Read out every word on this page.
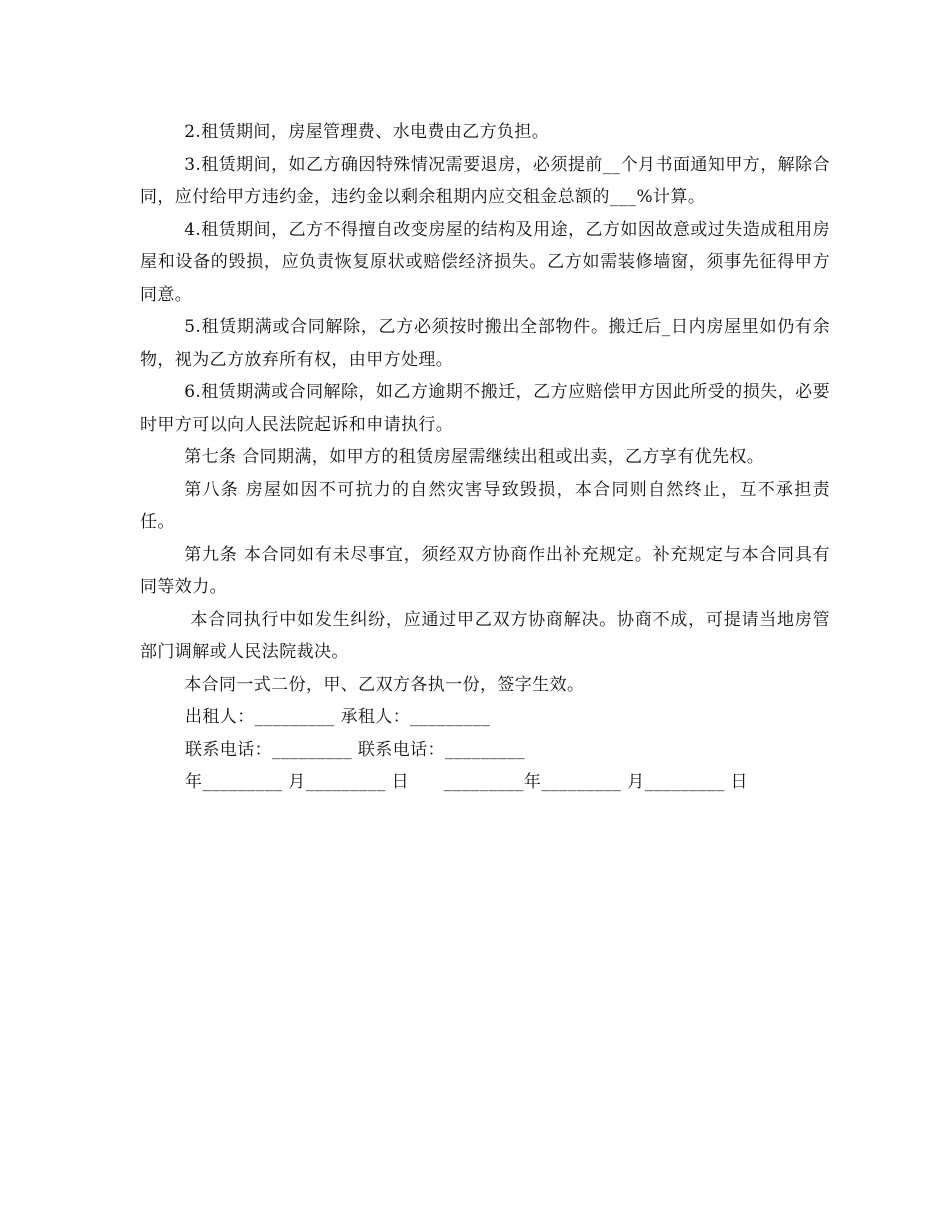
2.租赁期间，房屋管理费、水电费由乙方负担。

3.租赁期间，如乙方确因特殊情况需要退房，必须提前__个月书面通知甲方，解除合同，应付给甲方违约金，违约金以剩余租期内应交租金总额的___%计算。

4.租赁期间，乙方不得擅自改变房屋的结构及用途，乙方如因故意或过失造成租用房屋和设备的毁损，应负责恢复原状或赔偿经济损失。乙方如需装修墙窗，须事先征得甲方同意。

5.租赁期满或合同解除，乙方必须按时搬出全部物件。搬迁后_日内房屋里如仍有余物，视为乙方放弃所有权，由甲方处理。

6.租赁期满或合同解除，如乙方逾期不搬迁，乙方应赔偿甲方因此所受的损失，必要时甲方可以向人民法院起诉和申请执行。

第七条 合同期满，如甲方的租赁房屋需继续出租或出卖，乙方享有优先权。

第八条 房屋如因不可抗力的自然灾害导致毁损，本合同则自然终止，互不承担责任。

第九条 本合同如有未尽事宜，须经双方协商作出补充规定。补充规定与本合同具有同等效力。

本合同执行中如发生纠纷，应通过甲乙双方协商解决。协商不成，可提请当地房管部门调解或人民法院裁决。

本合同一式二份，甲、乙双方各执一份，签字生效。

出租人：_________ 承租人：_________

联系电话：_________ 联系电话：_________

年_________ 月_________ 日      _________年_________ 月_________ 日
